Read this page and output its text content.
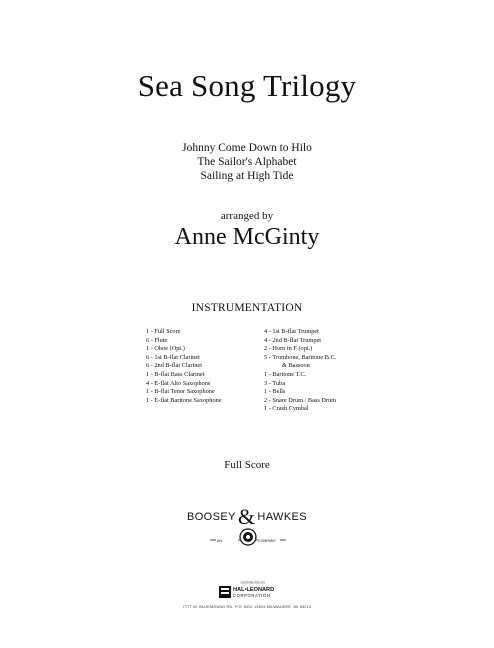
Sea Song Trilogy
Johnny Come Down to Hilo
The Sailor's Alphabet
Sailing at High Tide
arranged by
Anne McGinty
INSTRUMENTATION
1 - Full Score
6 - Flute
1 - Oboe (Opt.)
6 - 1st B-flat Clarinet
6 - 2nd B-flat Clarinet
1 - B-flat Bass Clarinet
4 - E-flat Alto Saxophone
1 - B-flat Tenor Saxophone
1 - E-flat Baritone Saxophone
4 - 1st B-flat Trumpet
4 - 2nd B-flat Trumpet
2 - Horn in F (opt.)
5 - Trombone, Baritone B.C.
& Bassoon
1 - Baritone T.C.
3 - Tuba
1 - Bells
2 - Snare Drum / Bass Drum
1 - Crash Cymbal
Full Score
BOOSEY& HAWKES
AN	COMPANY
DISTRIBUTED BY
HAL•LEONARD
CORPORATION
7777 W. BLUEMOUND RD. P.O. BOX 13819 MILWAUKEE, WI 53213
